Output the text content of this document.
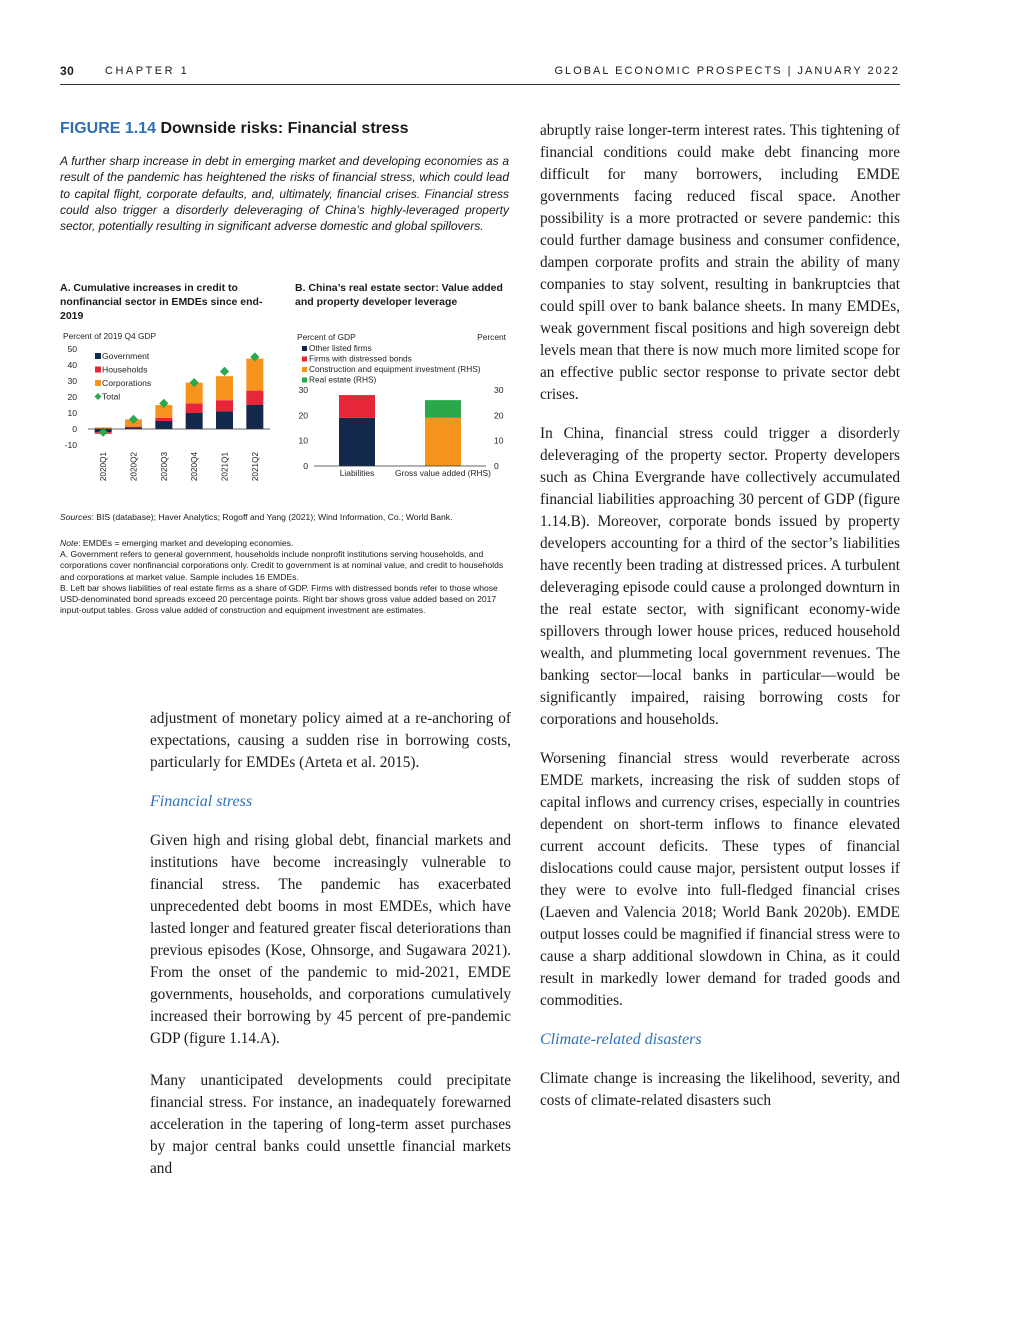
30	CHAPTER 1	GLOBAL ECONOMIC PROSPECTS | JANUARY 2022
FIGURE 1.14 Downside risks: Financial stress
A further sharp increase in debt in emerging market and developing economies as a result of the pandemic has heightened the risks of financial stress, which could lead to capital flight, corporate defaults, and, ultimately, financial crises. Financial stress could also trigger a disorderly deleveraging of China’s highly-leveraged property sector, potentially resulting in significant adverse domestic and global spillovers.
A. Cumulative increases in credit to nonfinancial sector in EMDEs since end-2019
B. China’s real estate sector: Value added and property developer leverage
Percent of 2019 Q4 GDP
50
40
30
20
10
0
-10
2020Q1	2020Q2	2020Q3	2020Q4	2021Q1	2021Q2
Government
Households
Corporations
Total
Percent of GDP	Percent
Other listed firms
Firms with distressed bonds
Construction and equipment investment (RHS)
Real estate (RHS)
30	30
20	20
10	10
0	0
Liabilities Gross value added (RHS)
Sources: BIS (database); Haver Analytics; Rogoff and Yang (2021); Wind Information, Co.; World Bank.
Note: EMDEs = emerging market and developing economies.
A. Government refers to general government, households include nonprofit institutions serving households, and corporations cover nonfinancial corporations only. Credit to government is at nominal value, and credit to households and corporations at market value. Sample includes 16 EMDEs.
B. Left bar shows liabilities of real estate firms as a share of GDP. Firms with distressed bonds refer to those whose USD-denominated bond spreads exceed 20 percentage points. Right bar shows gross value added based on 2017 input-output tables. Gross value added of construction and equipment investment are estimates.

adjustment of monetary policy aimed at a re-anchoring of expectations, causing a sudden rise in borrowing costs, particularly for EMDEs (Arteta et al. 2015).

Financial stress

Given high and rising global debt, financial markets and institutions have become increasingly vulnerable to financial stress. The pandemic has exacerbated unprecedented debt booms in most EMDEs, which have lasted longer and featured greater fiscal deteriorations than previous episodes (Kose, Ohnsorge, and Sugawara 2021). From the onset of the pandemic to mid-2021, EMDE governments, households, and corporations cumulatively increased their borrowing by 45 percent of pre-pandemic GDP (figure 1.14.A).

Many unanticipated developments could precipitate financial stress. For instance, an inadequately forewarned acceleration in the tapering of long-term asset purchases by major central banks could unsettle financial markets and

abruptly raise longer-term interest rates. This tightening of financial conditions could make debt financing more difficult for many borrowers, including EMDE governments facing reduced fiscal space. Another possibility is a more protracted or severe pandemic: this could further damage business and consumer confidence, dampen corporate profits and strain the ability of many companies to stay solvent, resulting in bankruptcies that could spill over to bank balance sheets. In many EMDEs, weak government fiscal positions and high sovereign debt levels mean that there is now much more limited scope for an effective public sector response to private sector debt crises.

In China, financial stress could trigger a disorderly deleveraging of the property sector. Property developers such as China Evergrande have collectively accumulated financial liabilities approaching 30 percent of GDP (figure 1.14.B). Moreover, corporate bonds issued by property developers accounting for a third of the sector’s liabilities have recently been trading at distressed prices. A turbulent deleveraging episode could cause a prolonged downturn in the real estate sector, with significant economy-wide spillovers through lower house prices, reduced household wealth, and plummeting local government revenues. The banking sector—local banks in particular—would be significantly impaired, raising borrowing costs for corporations and households.

Worsening financial stress would reverberate across EMDE markets, increasing the risk of sudden stops of capital inflows and currency crises, especially in countries dependent on short-term inflows to finance elevated current account deficits. These types of financial dislocations could cause major, persistent output losses if they were to evolve into full-fledged financial crises (Laeven and Valencia 2018; World Bank 2020b). EMDE output losses could be magnified if financial stress were to cause a sharp additional slowdown in China, as it could result in markedly lower demand for traded goods and commodities.

Climate-related disasters

Climate change is increasing the likelihood, severity, and costs of climate-related disasters such
